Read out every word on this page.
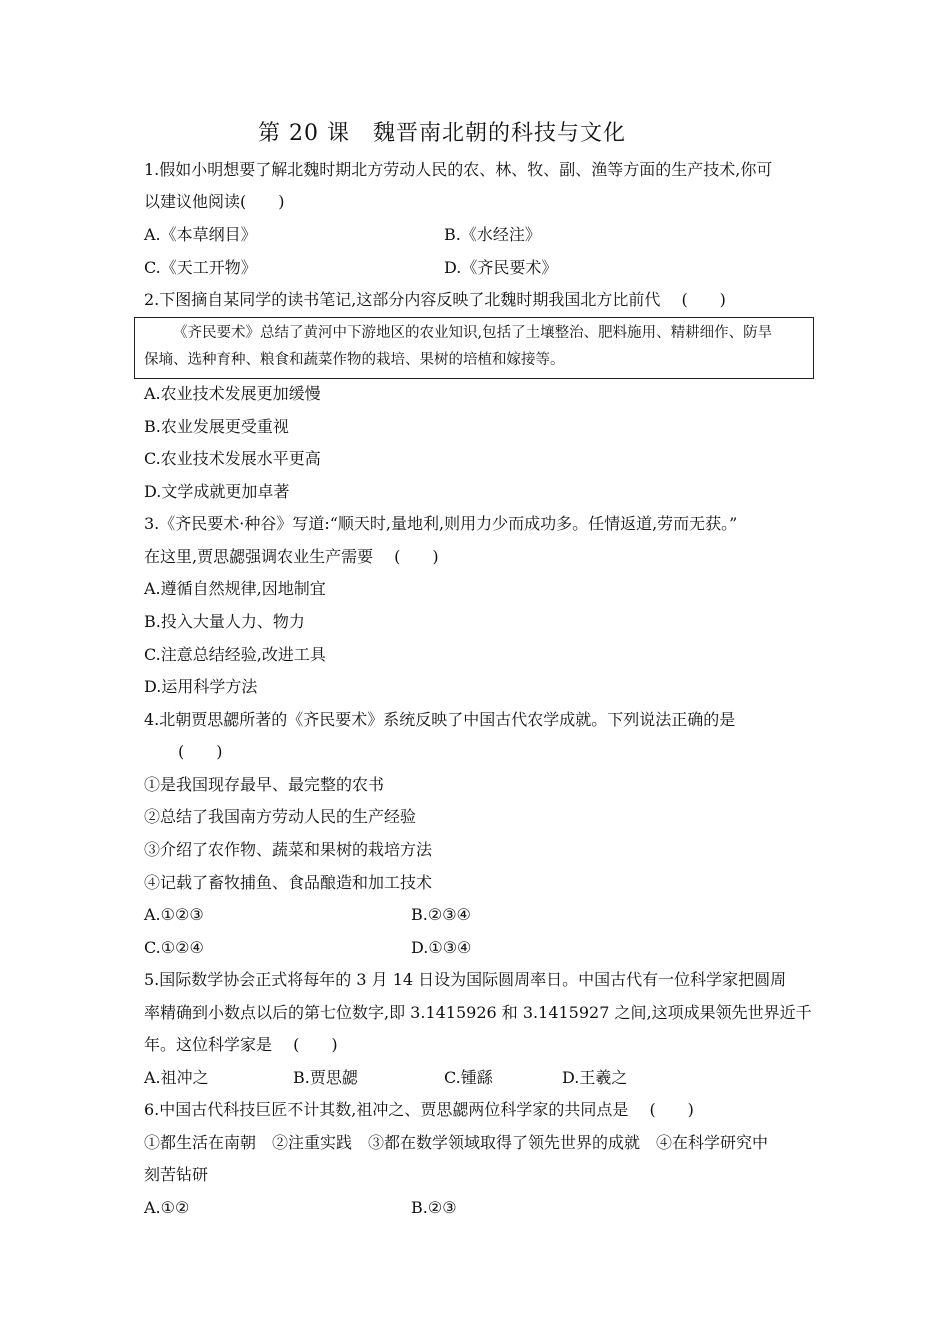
第 20 课　魏晋南北朝的科技与文化
1.假如小明想要了解北魏时期北方劳动人民的农、林、牧、副、渔等方面的生产技术,你可
以建议他阅读(　　)
A.《本草纲目》	B.《水经注》
C.《天工开物》	D.《齐民要术》
2.下图摘自某同学的读书笔记,这部分内容反映了北魏时期我国北方比前代　 (　　)
《齐民要术》总结了黄河中下游地区的农业知识,包括了土壤整治、肥料施用、精耕细作、防旱
保墒、选种育种、粮食和蔬菜作物的栽培、果树的培植和嫁接等。
A.农业技术发展更加缓慢
B.农业发展更受重视
C.农业技术发展水平更高
D.文学成就更加卓著
3.《齐民要术·种谷》写道:“顺天时,量地利,则用力少而成功多。任情返道,劳而无获。”
在这里,贾思勰强调农业生产需要　 (　　)
A.遵循自然规律,因地制宜
B.投入大量人力、物力
C.注意总结经验,改进工具
D.运用科学方法
4.北朝贾思勰所著的《齐民要术》系统反映了中国古代农学成就。下列说法正确的是
(　　)
①是我国现存最早、最完整的农书
②总结了我国南方劳动人民的生产经验
③介绍了农作物、蔬菜和果树的栽培方法
④记载了畜牧捕鱼、食品酿造和加工技术
A.①②③	B.②③④
C.①②④	D.①③④
5.国际数学协会正式将每年的 3 月 14 日设为国际圆周率日。中国古代有一位科学家把圆周
率精确到小数点以后的第七位数字,即 3.1415926 和 3.1415927 之间,这项成果领先世界近千
年。这位科学家是　 (　　)
A.祖冲之	B.贾思勰	C.锺繇	D.王羲之
6.中国古代科技巨匠不计其数,祖冲之、贾思勰两位科学家的共同点是　 (　　)
①都生活在南朝　②注重实践　③都在数学领域取得了领先世界的成就　④在科学研究中
刻苦钻研
A.①②	B.②③
